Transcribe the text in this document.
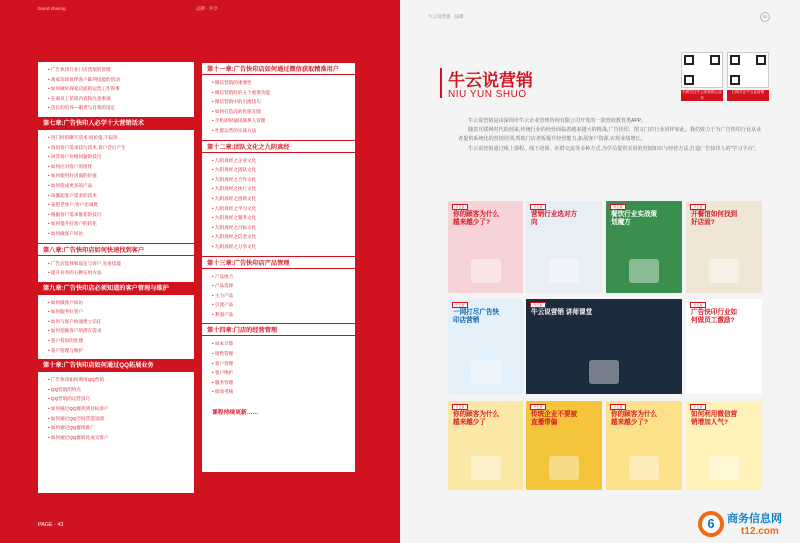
brand sharing	品牌 · 共享
• 广告快印行业门店货架的管理
• 商家培训伙伴客户陈列技能的活动
• 如何做好商家店面的运营工作的事
• 在商员工培训内容和注意事项
• 店长的培养—职责与自我的设定
第七章:广告快印人必学十大营销话术
• 进门时的聊天话术:说价值,不报价
• 询问客户需求技巧话术,客户会后产生
• 回答客户价格问题的技巧
• 如何应对客户的担忧
• 如何使用好店面的价值
• 如何促成更多的产品
• 该激起客户需求的话术
• 安慰老客户,客户忠诚度
• 根据客户需求推荐的技巧
• 如何提升好客户的转化
• 如何做客户回访
第八章:广告快印店如何快速找到客户
• 广告店选择和设定与客户,先看技能
• 提升业务的五种实用方法
第九章:广告快印店必须知道的客户管理与维护
• 如何做客户回访
• 如何服务好客户
• 如何与客户快速建立信任
• 如何挖掘客户的潜在需求
• 客户投诉的处理
• 客户管理与维护
第十章:广告快印店如何通过QQ拓展业务
• 广告快印如何利用QQ营销
• QQ营销的特点
• QQ营销的运营技巧
• 如何通过QQ群找到目标客户
• 如何通过QQ空间营造氛围
• 如何通过QQ群组推广
• 如何通过QQ群转化成交客户
第十一章:广告快印店如何通过微信获取精准用户
• 微信营销的重要性
• 微信营销时的五个重要功能
• 微信营销中的引流技巧
• 如何打造高转化朋友圈
• 手机即时通讯联系人管理
• 社群运营的实战方法
第十二章:团队文化之九阴真经
• 九阴真经之企业文化
• 九阴真经之团队文化
• 九阴真经之合作文化
• 九阴真经之执行文化
• 九阴真经之创新文化
• 九阴真经之学习文化
• 九阴真经之服务文化
• 九阴真经之目标文化
• 九阴真经之信念文化
• 九阴真经之分享文化
第十三章:广告快印店产品管理
• 产品组合
• 产品选择
• 主力产品
• 引流产品
• 利润产品
第十四章:门店的经营管理
• 成本计算
• 销售管理
• 客户管理
• 客户维护
• 服务管理
• 绩效考核
课程持续更新……
PAGE · 43
牛云说营销 · 品牌	53
牛云说营销
NIU YUN SHUO	扫码关注牛云说营销公众号
扫码关注牛云说营销

牛云说营销是由深圳市牛云企业管理咨询有限公司开发的一款营销教育类APP。

随着互联网时代的到来,传统行业的经营面临着越来越大的挑战,广告快印、图文门店行业同样如此。我们致力于为广告快印行业从业者提供系统化的营销培训,帮助门店老板提升经营能力,拓展客户资源,实现业绩增长。

牛云说营销通过线上课程、线下培训、社群交流等多种方式,为学员提供实用的营销知识与经营方法,打造广告快印人的“学习平台”。

牛云说
你的顾客为什么越来越少了?
牛云说
营销行业选对方向
牛云说
餐饮行业实战策划魔方
牛云说
开餐馆如何找到好店面?
牛云说
一网打尽广告快印店营销
牛云说
牛云说营销 讲师课堂
牛云说
广告快印行业如何做员工激励?
牛云说
你的顾客为什么越来越少了
牛云说
传统企业不要被直播带偏
牛云说
你的顾客为什么越来越少了?
牛云说
如何利用微信营销增加人气?
6	商务信息网
t12.com
